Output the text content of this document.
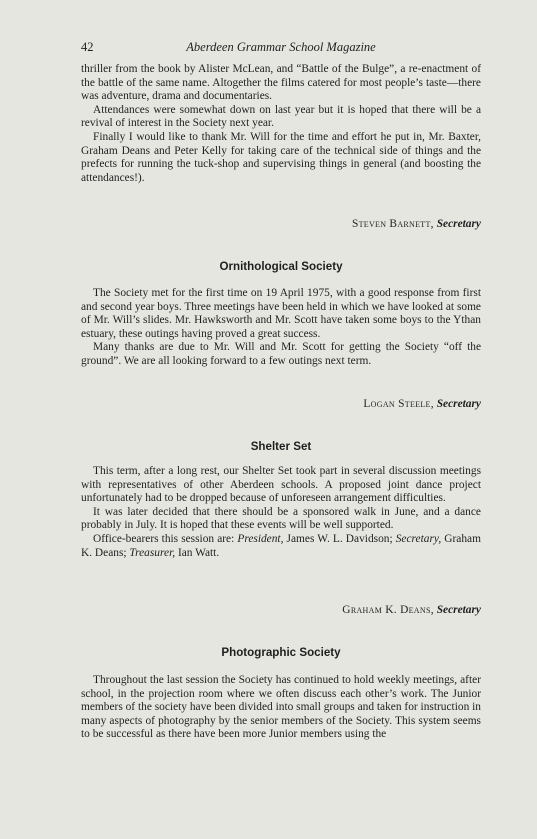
42	Aberdeen Grammar School Magazine

thriller from the book by Alister McLean, and “Battle of the Bulge”, a re-enactment of the battle of the same name. Altogether the films catered for most people’s taste—there was adventure, drama and documentaries.

Attendances were somewhat down on last year but it is hoped that there will be a revival of interest in the Society next year.

Finally I would like to thank Mr. Will for the time and effort he put in, Mr. Baxter, Graham Deans and Peter Kelly for taking care of the technical side of things and the prefects for running the tuck-shop and supervising things in general (and boosting the attendances!).

Steven Barnett, Secretary
Ornithological Society

The Society met for the first time on 19 April 1975, with a good response from first and second year boys. Three meetings have been held in which we have looked at some of Mr. Will’s slides. Mr. Hawksworth and Mr. Scott have taken some boys to the Ythan estuary, these outings having proved a great success.

Many thanks are due to Mr. Will and Mr. Scott for getting the Society “off the ground”. We are all looking forward to a few outings next term.

Logan Steele, Secretary
Shelter Set

This term, after a long rest, our Shelter Set took part in several discussion meetings with representatives of other Aberdeen schools. A proposed joint dance project unfortunately had to be dropped because of unforeseen arrangement difficulties.

It was later decided that there should be a sponsored walk in June, and a dance probably in July. It is hoped that these events will be well supported.

Office-bearers this session are: President, James W. L. Davidson; Secretary, Graham K. Deans; Treasurer, Ian Watt.

Graham K. Deans, Secretary
Photographic Society

Throughout the last session the Society has continued to hold weekly meetings, after school, in the projection room where we often discuss each other’s work. The Junior members of the society have been divided into small groups and taken for instruction in many aspects of photography by the senior members of the Society. This system seems to be successful as there have been more Junior members using the
